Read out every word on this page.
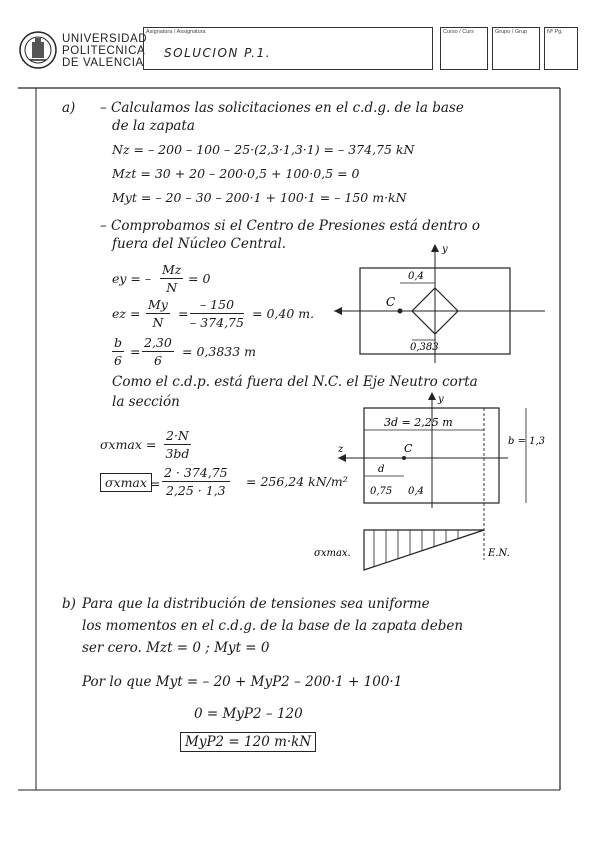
UNIVERSIDAD
POLITECNICA
DE VALENCIA
Asignatura / Assignatura
SOLUCION P.1.
Curso / Curs	Grupo / Grup	Nº Pg.
a) – Calculamos las solicitaciones en el c.d.g. de la base
de la zapata
Nz = – 200 – 100 – 25·(2,3·1,3·1) = – 374,75 kN
Mzt = 30 + 20 – 200·0,5 + 100·0,5 = 0
Myt = – 20 – 30 – 200·1 + 100·1 = – 150 m·kN
– Comprobamos si el Centro de Presiones está dentro o
fuera del Núcleo Central.
ey = – $\frac{Mz}{N} = 0$
ez = $\frac{My}{N} = \frac{- 150}{- 374,75} = 0,40$ m.
$\frac{b}{6} = \frac{2,30}{6} = 0,3833$ m
y
C
0,4
0,383
Como el c.d.p. está fuera del N.C. el Eje Neutro corta
la sección
$\sigma xmax = \frac{2\cdot N}{3bd}$
$\sigma xmax = \frac{2 \cdot 374,75}{2,25 \cdot 1,3} = 256,24$ kN/m²
y
z
3d = 2,25 m
b = 1,3
C
d
0,75 0,4
σxmax.	E.N.
b) Para que la distribución de tensiones sea uniforme
los momentos en el c.d.g. de la base de la zapata deben
ser cero. Mzt = 0 ; Myt = 0
Por lo que Myt = – 20 + MyP2 – 200·1 + 100·1
0 = MyP2 – 120
MyP2 = 120 m·kN
